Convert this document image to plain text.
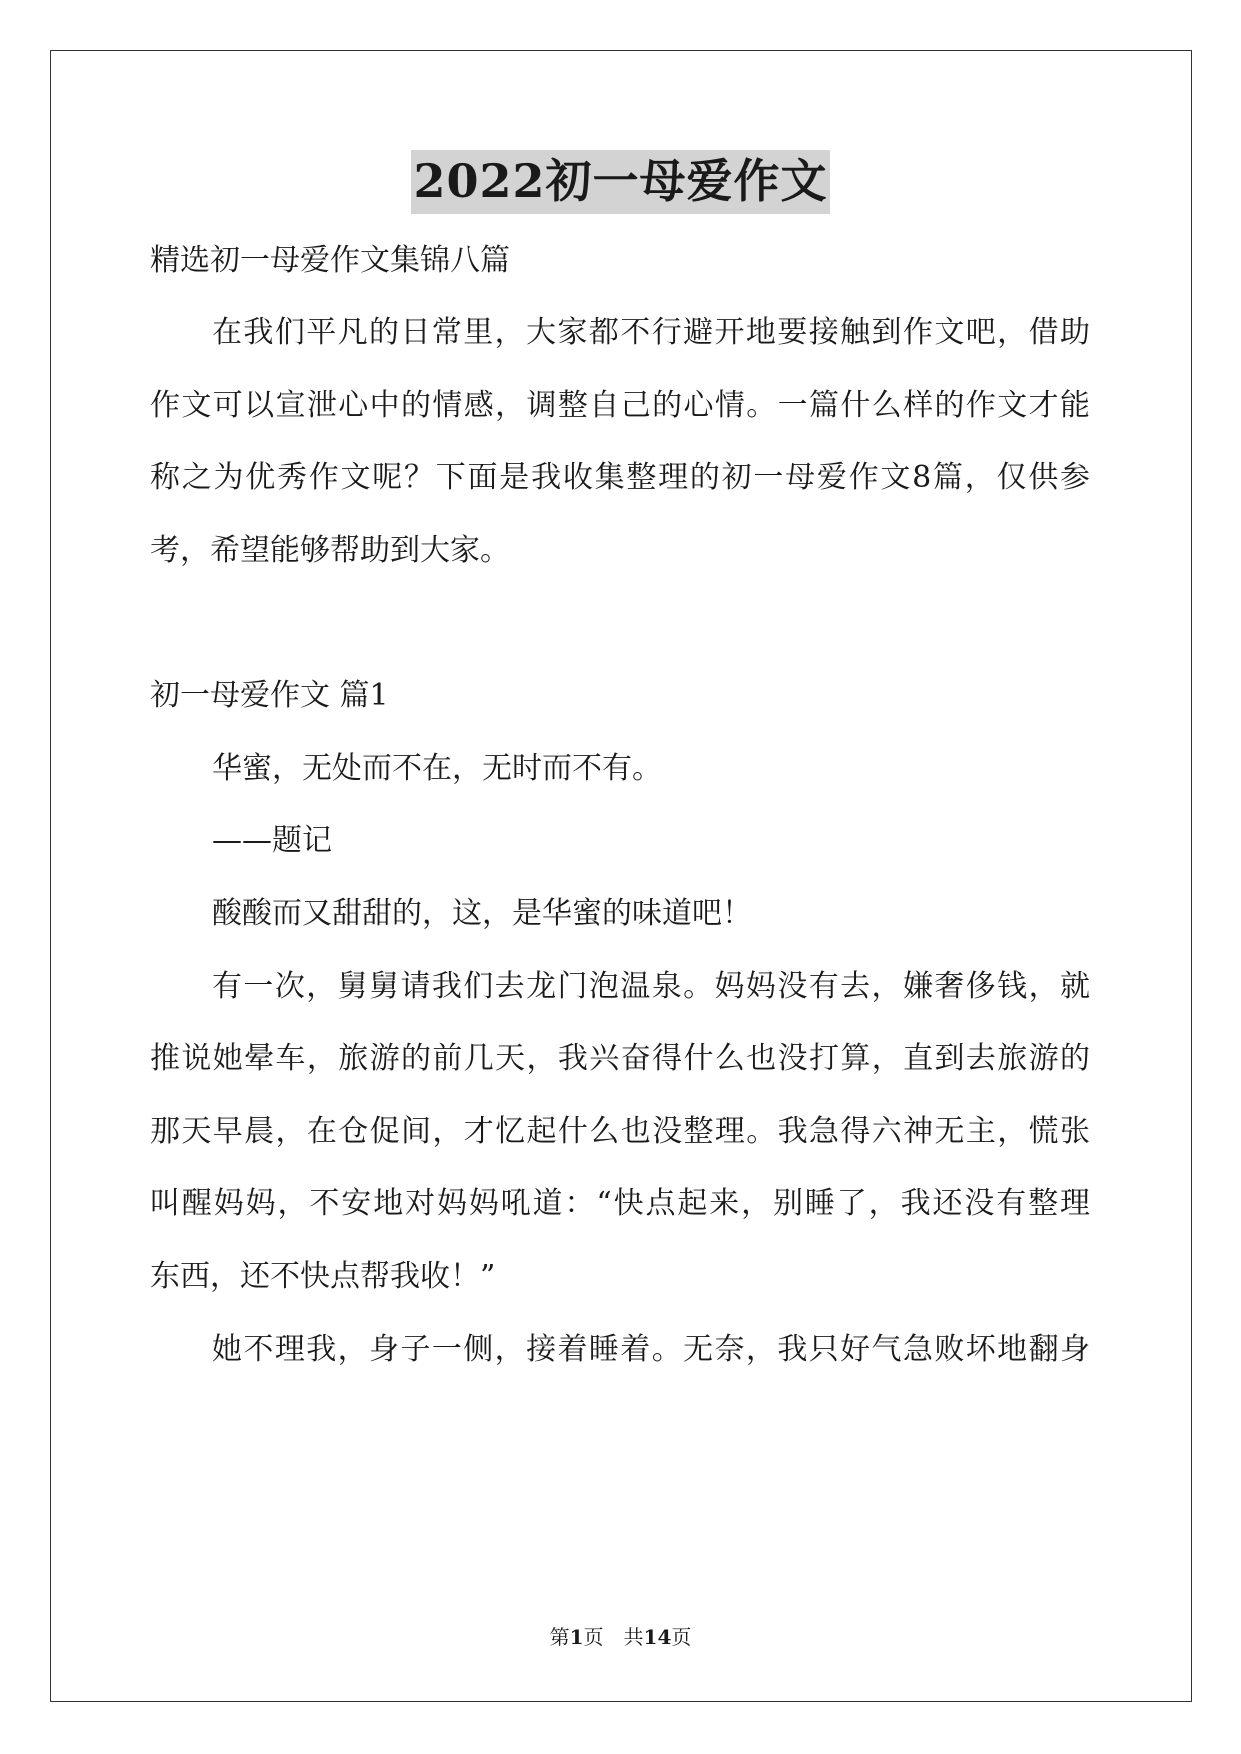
2022初一母爱作文
精选初一母爱作文集锦八篇
在我们平凡的日常里，大家都不行避开地要接触到作文吧，借助
作文可以宣泄心中的情感，调整自己的心情。一篇什么样的作文才能
称之为优秀作文呢？下面是我收集整理的初一母爱作文8篇，仅供参
考，希望能够帮助到大家。
初一母爱作文 篇1
华蜜，无处而不在，无时而不有。
——题记
酸酸而又甜甜的，这，是华蜜的味道吧！
有一次，舅舅请我们去龙门泡温泉。妈妈没有去，嫌奢侈钱，就
推说她晕车，旅游的前几天，我兴奋得什么也没打算，直到去旅游的
那天早晨，在仓促间，才忆起什么也没整理。我急得六神无主，慌张
叫醒妈妈，不安地对妈妈吼道：“快点起来，别睡了，我还没有整理
东西，还不快点帮我收！”
她不理我，身子一侧，接着睡着。无奈，我只好气急败坏地翻身
第1页　共14页
